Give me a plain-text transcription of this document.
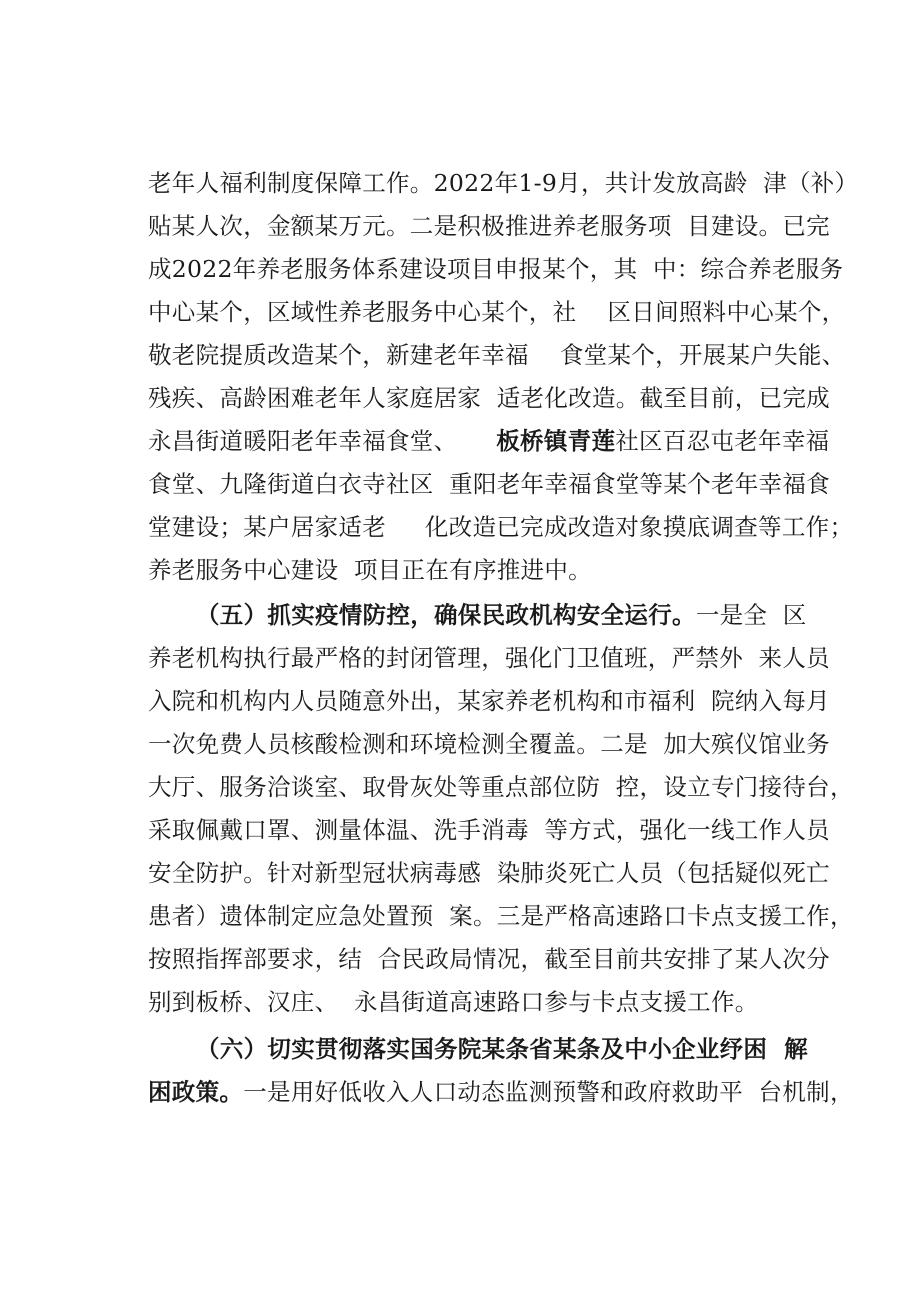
老年人福利制度保障工作。2022年1-9月，共计发放高龄  津（补）
贴某人次，金额某万元。二是积极推进养老服务项  目建设。已完
成2022年养老服务体系建设项目申报某个，其  中：综合养老服务
中心某个，区域性养老服务中心某个，社    区日间照料中心某个，
敬老院提质改造某个，新建老年幸福    食堂某个，开展某户失能、
残疾、高龄困难老年人家庭居家  适老化改造。截至目前，已完成
永昌街道暖阳老年幸福食堂、     板桥镇青莲社区百忍屯老年幸福
食堂、九隆街道白衣寺社区  重阳老年幸福食堂等某个老年幸福食
堂建设；某户居家适老     化改造已完成改造对象摸底调查等工作；
养老服务中心建设  项目正在有序推进中。
（五）抓实疫情防控，确保民政机构安全运行。一是全  区
养老机构执行最严格的封闭管理，强化门卫值班，严禁外  来人员
入院和机构内人员随意外出，某家养老机构和市福利  院纳入每月
一次免费人员核酸检测和环境检测全覆盖。二是  加大殡仪馆业务
大厅、服务洽谈室、取骨灰处等重点部位防  控，设立专门接待台，
采取佩戴口罩、测量体温、洗手消毒  等方式，强化一线工作人员
安全防护。针对新型冠状病毒感  染肺炎死亡人员（包括疑似死亡
患者）遗体制定应急处置预  案。三是严格高速路口卡点支援工作，
按照指挥部要求，结  合民政局情况，截至目前共安排了某人次分
别到板桥、汉庄、  永昌街道高速路口参与卡点支援工作。
（六）切实贯彻落实国务院某条省某条及中小企业纾困  解
困政策。一是用好低收入人口动态监测预警和政府救助平  台机制，
